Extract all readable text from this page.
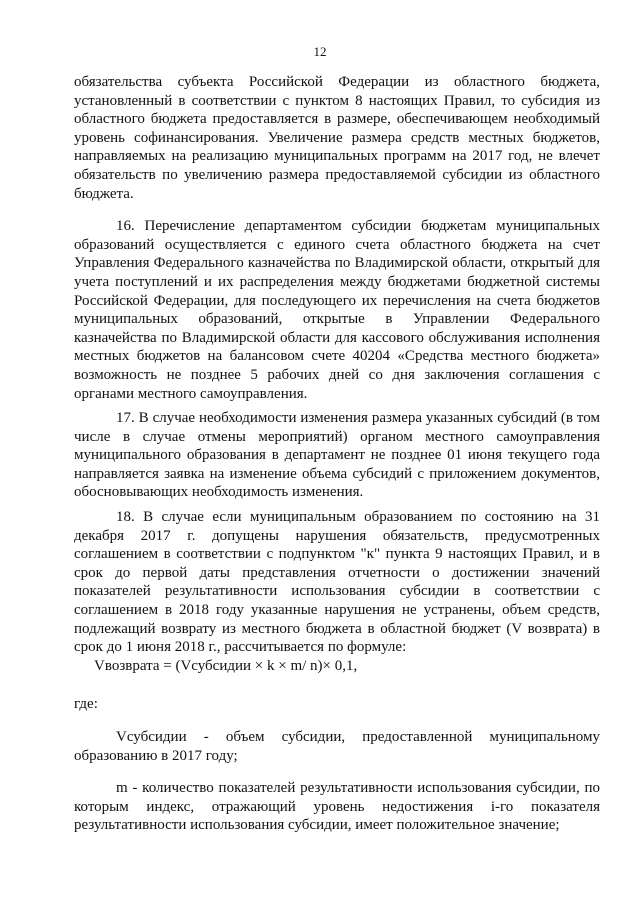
12

обязательства субъекта Российской Федерации из областного бюджета, установленный в соответствии с пунктом 8 настоящих Правил, то субсидия из областного бюджета предоставляется в размере, обеспечивающем необходимый уровень софинансирования. Увеличение размера средств местных бюджетов, направляемых на реализацию муниципальных программ на 2017 год, не влечет обязательств по увеличению размера предоставляемой субсидии из областного бюджета.

16. Перечисление департаментом субсидии бюджетам муниципальных образований осуществляется с единого счета областного бюджета на счет Управления Федерального казначейства по Владимирской области, открытый для учета поступлений и их распределения между бюджетами бюджетной системы Российской Федерации, для последующего их перечисления на счета бюджетов муниципальных образований, открытые в Управлении Федерального казначейства по Владимирской области для кассового обслуживания исполнения местных бюджетов на балансовом счете 40204 «Средства местного бюджета» возможность не позднее 5 рабочих дней со дня заключения соглашения с органами местного самоуправления.

17. В случае необходимости изменения размера указанных субсидий (в том числе в случае отмены мероприятий) органом местного самоуправления муниципального образования в департамент не позднее 01 июня текущего года направляется заявка на изменение объема субсидий с приложением документов, обосновывающих необходимость изменения.

18. В случае если муниципальным образованием по состоянию на 31 декабря 2017 г. допущены нарушения обязательств, предусмотренных соглашением в соответствии с подпунктом "к" пункта 9 настоящих Правил, и в срок до первой даты представления отчетности о достижении значений показателей результативности использования субсидии в соответствии с соглашением в 2018 году указанные нарушения не устранены, объем средств, подлежащий возврату из местного бюджета в областной бюджет (V возврата) в срок до 1 июня 2018 г., рассчитывается по формуле:

Vвозврата = (Vсубсидии × k × m/ n)× 0,1,

где:

Vсубсидии - объем субсидии, предоставленной муниципальному образованию в 2017 году;

m - количество показателей результативности использования субсидии, по которым индекс, отражающий уровень недостижения i-го показателя результативности использования субсидии, имеет положительное значение;
